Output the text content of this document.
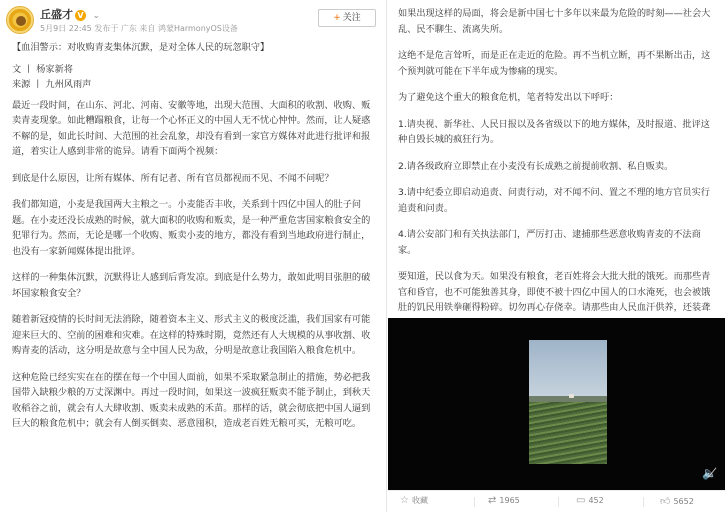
丘盛才 V ⌄
5月9日 22:45 发布于 广东 来自 鸿蒙HarmonyOS设备
+ 关注

【血泪警示：对收购青麦集体沉默，是对全体人民的玩忽职守】

文 丨 杨家新将

来源 丨 九州风雨声

最近一段时间，在山东、河北、河南、安徽等地，出现大范围、大面积的收割、收购、贩卖青麦现象。如此糟蹋粮食，让每一个心怀正义的中国人无不忧心忡忡。然而，让人疑惑不解的是，如此长时间、大范围的社会乱象，却没有看到一家官方媒体对此进行批评和报道，着实让人感到非常的诡异。请看下面两个视频：

到底是什么原因，让所有媒体、所有记者、所有官员都视而不见、不闻不问呢？

我们都知道，小麦是我国两大主粮之一。小麦能否丰收，关系到十四亿中国人的肚子问题。在小麦还没长成熟的时候，就大面积的收购和贩卖，是一种严重危害国家粮食安全的犯罪行为。然而，无论是哪一个收购、贩卖小麦的地方，都没有看到当地政府进行制止，也没有一家新闻媒体提出批评。

这样的一种集体沉默，沉默得让人感到后背发凉。到底是什么势力，敢如此明目张胆的破坏国家粮食安全？

随着新冠疫情的长时间无法消除，随着资本主义、形式主义的极度泛滥，我们国家有可能迎来巨大的、空前的困难和灾难。在这样的特殊时期，竟然还有人大规模的从事收割、收购青麦的活动，这分明是故意与全中国人民为敌，分明是故意让我国陷入粮食危机中。

这种危险已经实实在在的摆在每一个中国人面前，如果不采取紧急制止的措施，势必把我国带入缺粮少粮的万丈深渊中。再过一段时间，如果这一波疯狂贩卖不能予制止，到秋天收稻谷之前，就会有人大肆收割、贩卖未成熟的禾苗。那样的话，就会彻底把中国人逼到巨大的粮食危机中；就会有人倒买倒卖、恶意囤积，造成老百姓无粮可买，无粮可吃。

如果出现这样的局面，将会是新中国七十多年以来最为危险的时刻——社会大乱、民不聊生、流离失所。

这绝不是危言耸听，而是正在走近的危险。再不当机立断，再不果断出击，这个预判就可能在下半年成为惨痛的现实。

为了避免这个重大的粮食危机，笔者特发出以下呼吁：

1.请央视、新华社、人民日报以及各省级以下的地方媒体，及时报道、批评这种自毁长城的疯狂行为。

2.请各级政府立即禁止在小麦没有长成熟之前提前收割、私自贩卖。

3.请中纪委立即启动追责、问责行动，对不闻不问、置之不理的地方官员实行追责和问责。

4.请公安部门和有关执法部门，严厉打击、逮捕那些恶意收购青麦的不法商家。

要知道，民以食为天。如果没有粮食，老百姓将会大批大批的饿死。而那些青官和昏官，也不可能独善其身，即使不被十四亿中国人的口水淹死，也会被饿肚的饥民用铁拳砸得粉碎。切勿再心存侥幸。请那些由人民血汗供养，还装聋

🔈̸
☆ 收藏	⇄ 1965	▭ 452	👍︎ 5652
